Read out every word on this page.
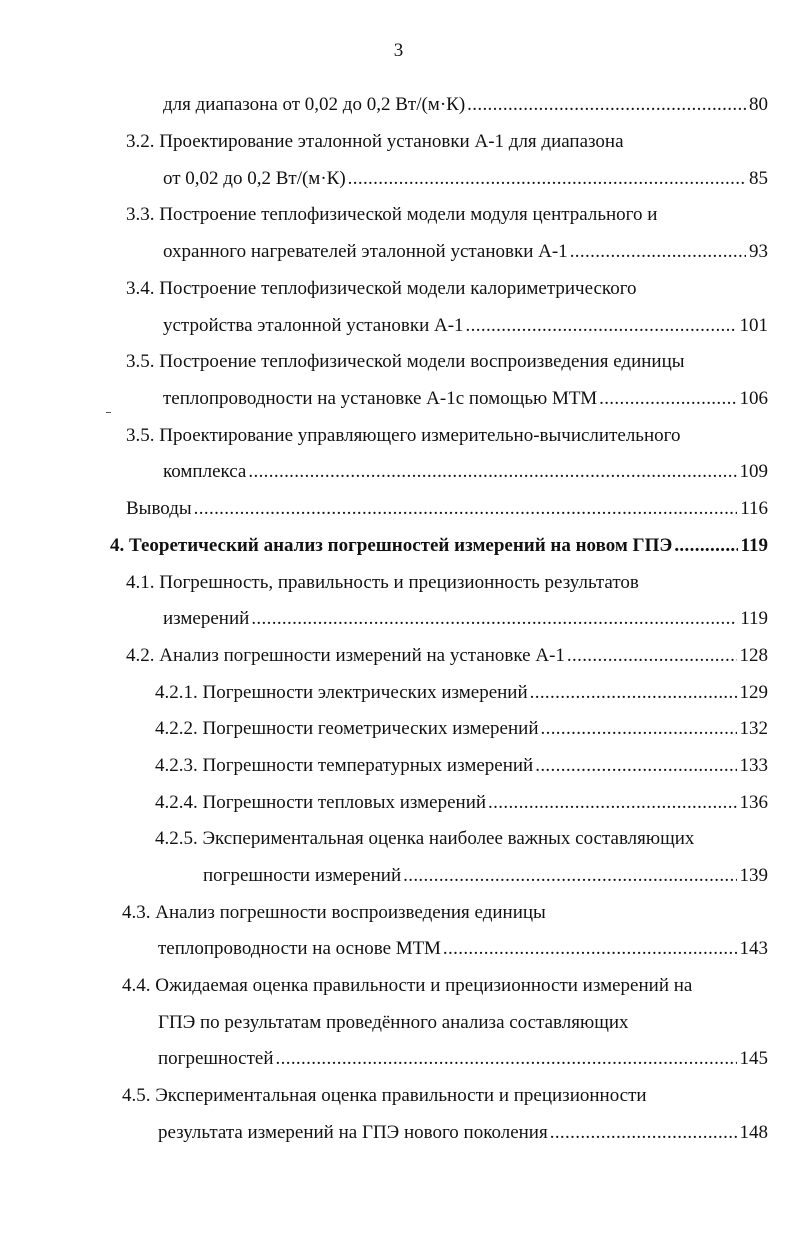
3
для диапазона от 0,02 до 0,2 Вт/(м·К) . . .	80
3.2. Проектирование эталонной установки А-1 для диапазона
от 0,02 до 0,2 Вт/(м·К) . . .	85
3.3. Построение теплофизической модели модуля центрального и
охранного нагревателей эталонной установки А-1 . . .	93
3.4. Построение теплофизической модели калориметрического
устройства эталонной установки А-1 . . .	101
3.5. Построение теплофизической модели воспроизведения единицы
теплопроводности на установке А-1с помощью МТМ . . .	106
3.5. Проектирование управляющего измерительно-вычислительного
комплекса . . .	109
Выводы . . .	116
4. Теоретический анализ погрешностей измерений на новом ГПЭ . . .	119
4.1. Погрешность, правильность и прецизионность результатов
измерений . . .	119
4.2. Анализ погрешности измерений на установке А-1 . . .	128
4.2.1. Погрешности электрических измерений . . .	129
4.2.2. Погрешности геометрических измерений . . .	132
4.2.3. Погрешности температурных измерений . . .	133
4.2.4. Погрешности тепловых измерений . . .	136
4.2.5. Экспериментальная оценка наиболее важных составляющих
погрешности измерений . . .	139
4.3. Анализ погрешности воспроизведения единицы
теплопроводности на основе МТМ . . .	143
4.4. Ожидаемая оценка правильности и прецизионности измерений на
ГПЭ по результатам проведённого анализа составляющих
погрешностей . . .	145
4.5. Экспериментальная оценка правильности и прецизионности
результата измерений на ГПЭ нового поколения . . .	148
